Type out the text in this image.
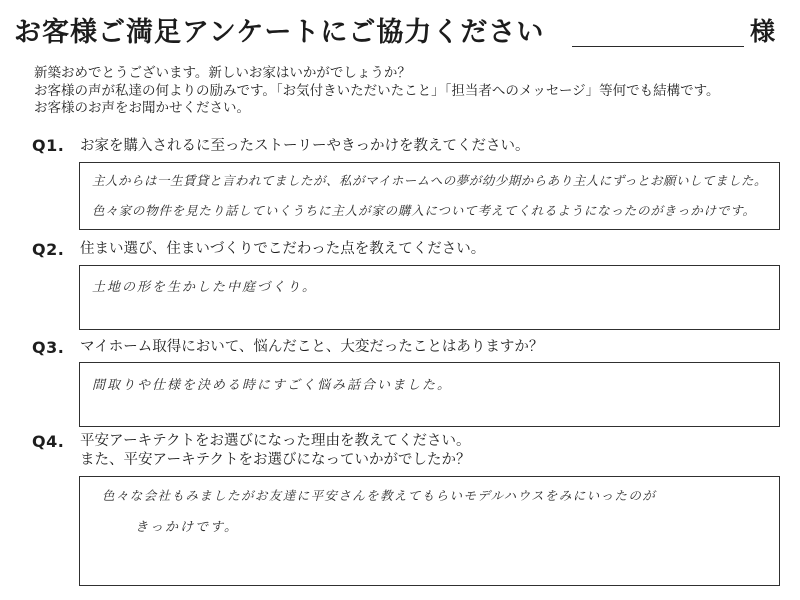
お客様ご満足アンケートにご協力ください	様
新築おめでとうございます。新しいお家はいかがでしょうか？
お客様の声が私達の何よりの励みです。「お気付きいただいたこと」「担当者へのメッセージ」等何でも結構です。
お客様のお声をお聞かせください。
Q1. お家を購入されるに至ったストーリーやきっかけを教えてください。
主人からは一生賃貸と言われてましたが、私がマイホームへの夢が幼少期からあり主人にずっとお願いしてました。
色々家の物件を見たり話していくうちに主人が家の購入について考えてくれるようになったのがきっかけです。
Q2. 住まい選び、住まいづくりでこだわった点を教えてください。
土地の形を生かした中庭づくり。
Q3. マイホーム取得において、悩んだこと、大変だったことはありますか？
間取りや仕様を決める時にすごく悩み話合いました。
Q4. 平安アーキテクトをお選びになった理由を教えてください。
また、平安アーキテクトをお選びになっていかがでしたか？
色々な会社もみましたがお友達に平安さんを教えてもらいモデルハウスをみにいったのが
きっかけです。
